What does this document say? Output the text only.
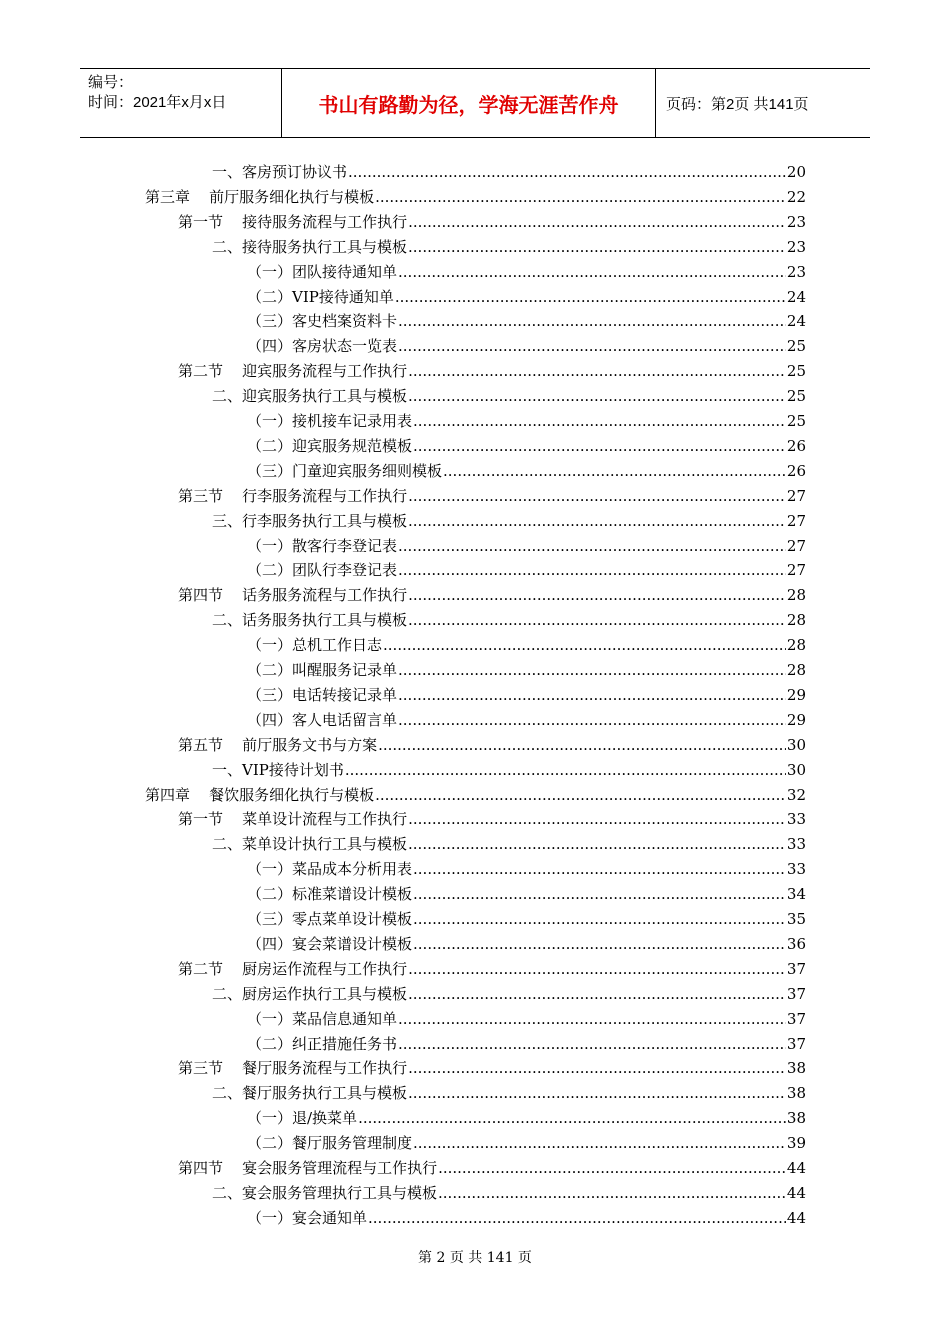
编号：
时间：2021年x月x日	书山有路勤为径，学海无涯苦作舟	页码：第2页 共141页
一、客房预订协议书 .....	20
第三章    前厅服务细化执行与模板 .....	22
第一节    接待服务流程与工作执行 .....	23
二、接待服务执行工具与模板 .....	23
（一）团队接待通知单 .....	23
（二）VIP接待通知单 .....	24
（三）客史档案资料卡 .....	24
（四）客房状态一览表 .....	25
第二节    迎宾服务流程与工作执行 .....	25
二、迎宾服务执行工具与模板 .....	25
（一）接机接车记录用表 .....	25
（二）迎宾服务规范模板 .....	26
（三）门童迎宾服务细则模板 .....	26
第三节    行李服务流程与工作执行 .....	27
三、行李服务执行工具与模板 .....	27
（一）散客行李登记表 .....	27
（二）团队行李登记表 .....	27
第四节    话务服务流程与工作执行 .....	28
二、话务服务执行工具与模板 .....	28
（一）总机工作日志 .....	28
（二）叫醒服务记录单 .....	28
（三）电话转接记录单 .....	29
（四）客人电话留言单 .....	29
第五节    前厅服务文书与方案 .....	30
一、VIP接待计划书 .....	30
第四章    餐饮服务细化执行与模板 .....	32
第一节    菜单设计流程与工作执行 .....	33
二、菜单设计执行工具与模板 .....	33
（一）菜品成本分析用表 .....	33
（二）标准菜谱设计模板 .....	34
（三）零点菜单设计模板 .....	35
（四）宴会菜谱设计模板 .....	36
第二节    厨房运作流程与工作执行 .....	37
二、厨房运作执行工具与模板 .....	37
（一）菜品信息通知单 .....	37
（二）纠正措施任务书 .....	37
第三节    餐厅服务流程与工作执行 .....	38
二、餐厅服务执行工具与模板 .....	38
（一）退/换菜单 .....	38
（二）餐厅服务管理制度 .....	39
第四节    宴会服务管理流程与工作执行 .....	44
二、宴会服务管理执行工具与模板 .....	44
（一）宴会通知单 .....	44
第 2 页 共 141 页
